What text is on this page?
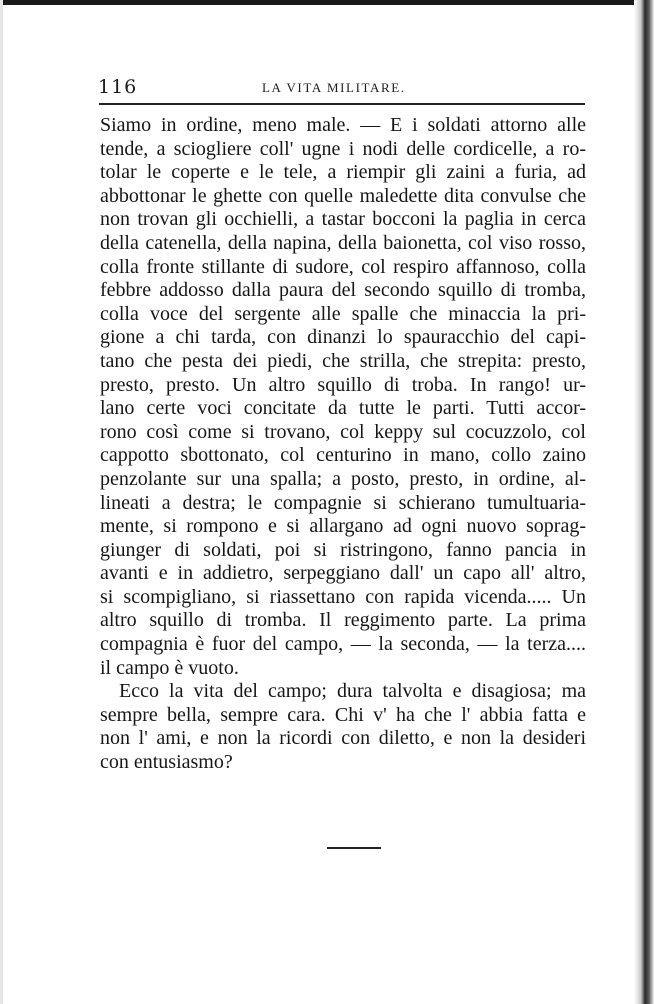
116	LA VITA MILITARE.
Siamo in ordine, meno male. — E i soldati attorno alle
tende, a sciogliere coll' ugne i nodi delle cordicelle, a ro-
tolar le coperte e le tele, a riempir gli zaini a furia, ad
abbottonar le ghette con quelle maledette dita convulse che
non trovan gli occhielli, a tastar bocconi la paglia in cerca
della catenella, della napina, della baionetta, col viso rosso,
colla fronte stillante di sudore, col respiro affannoso, colla
febbre addosso dalla paura del secondo squillo di tromba,
colla voce del sergente alle spalle che minaccia la pri-
gione a chi tarda, con dinanzi lo spauracchio del capi-
tano che pesta dei piedi, che strilla, che strepita: presto,
presto, presto. Un altro squillo di troba. In rango! ur-
lano certe voci concitate da tutte le parti. Tutti accor-
rono così come si trovano, col keppy sul cocuzzolo, col
cappotto sbottonato, col centurino in mano, collo zaino
penzolante sur una spalla; a posto, presto, in ordine, al-
lineati a destra; le compagnie si schierano tumultuaria-
mente, si rompono e si allargano ad ogni nuovo soprag-
giunger di soldati, poi si ristringono, fanno pancia in
avanti e in addietro, serpeggiano dall' un capo all' altro,
si scompigliano, si riassettano con rapida vicenda..... Un
altro squillo di tromba. Il reggimento parte. La prima
compagnia è fuor del campo, — la seconda, — la terza....
il campo è vuoto.
Ecco la vita del campo; dura talvolta e disagiosa; ma
sempre bella, sempre cara. Chi v' ha che l' abbia fatta e
non l' ami, e non la ricordi con diletto, e non la desideri
con entusiasmo?
